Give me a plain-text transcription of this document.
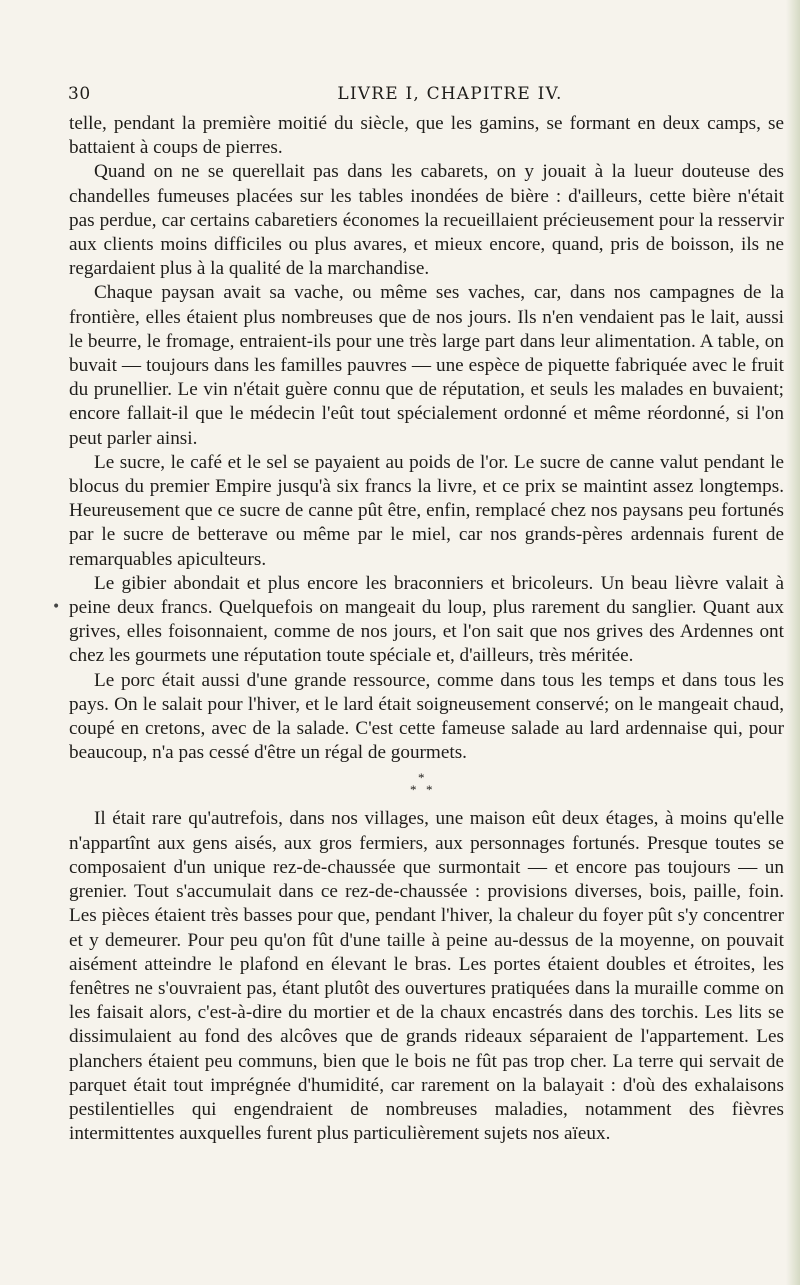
30	LIVRE I, CHAPITRE IV.
•

telle, pendant la première moitié du siècle, que les gamins, se formant en deux camps, se battaient à coups de pierres.

Quand on ne se querellait pas dans les cabarets, on y jouait à la lueur douteuse des chandelles fumeuses placées sur les tables inondées de bière : d'ailleurs, cette bière n'était pas perdue, car certains cabaretiers économes la recueillaient précieusement pour la resservir aux clients moins difficiles ou plus avares, et mieux encore, quand, pris de boisson, ils ne regardaient plus à la qualité de la marchandise.

Chaque paysan avait sa vache, ou même ses vaches, car, dans nos campagnes de la frontière, elles étaient plus nombreuses que de nos jours. Ils n'en vendaient pas le lait, aussi le beurre, le fromage, entraient-ils pour une très large part dans leur alimentation. A table, on buvait — toujours dans les familles pauvres — une espèce de piquette fabriquée avec le fruit du prunellier. Le vin n'était guère connu que de réputation, et seuls les malades en buvaient; encore fallait-il que le médecin l'eût tout spécialement ordonné et même réordonné, si l'on peut parler ainsi.

Le sucre, le café et le sel se payaient au poids de l'or. Le sucre de canne valut pendant le blocus du premier Empire jusqu'à six francs la livre, et ce prix se maintint assez longtemps. Heureusement que ce sucre de canne pût être, enfin, remplacé chez nos paysans peu fortunés par le sucre de betterave ou même par le miel, car nos grands-pères ardennais furent de remarquables apiculteurs.

Le gibier abondait et plus encore les braconniers et bricoleurs. Un beau lièvre valait à peine deux francs. Quelquefois on mangeait du loup, plus rarement du sanglier. Quant aux grives, elles foisonnaient, comme de nos jours, et l'on sait que nos grives des Ardennes ont chez les gourmets une réputation toute spéciale et, d'ailleurs, très méritée.

Le porc était aussi d'une grande ressource, comme dans tous les temps et dans tous les pays. On le salait pour l'hiver, et le lard était soigneusement conservé; on le mangeait chaud, coupé en cretons, avec de la salade. C'est cette fameuse salade au lard ardennaise qui, pour beaucoup, n'a pas cessé d'être un régal de gourmets.

*
* *

Il était rare qu'autrefois, dans nos villages, une maison eût deux étages, à moins qu'elle n'appartînt aux gens aisés, aux gros fermiers, aux personnages fortunés. Presque toutes se composaient d'un unique rez-de-chaussée que surmontait — et encore pas toujours — un grenier. Tout s'accumulait dans ce rez-de-chaussée : provisions diverses, bois, paille, foin. Les pièces étaient très basses pour que, pendant l'hiver, la chaleur du foyer pût s'y concentrer et y demeurer. Pour peu qu'on fût d'une taille à peine au-dessus de la moyenne, on pouvait aisément atteindre le plafond en élevant le bras. Les portes étaient doubles et étroites, les fenêtres ne s'ouvraient pas, étant plutôt des ouvertures pratiquées dans la muraille comme on les faisait alors, c'est-à-dire du mortier et de la chaux encastrés dans des torchis. Les lits se dissimulaient au fond des alcôves que de grands rideaux séparaient de l'appartement. Les planchers étaient peu communs, bien que le bois ne fût pas trop cher. La terre qui servait de parquet était tout imprégnée d'humidité, car rarement on la balayait : d'où des exhalaisons pestilentielles qui engendraient de nombreuses maladies, notamment des fièvres intermittentes auxquelles furent plus particulièrement sujets nos aïeux.
